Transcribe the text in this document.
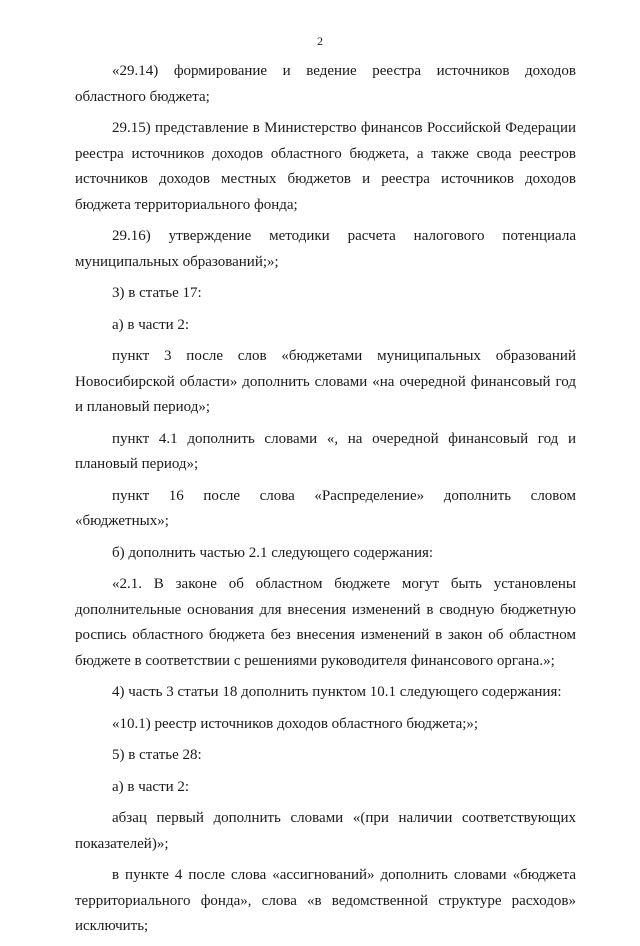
2

«29.14) формирование и ведение реестра источников доходов областного бюджета;

29.15) представление в Министерство финансов Российской Федерации реестра источников доходов областного бюджета, а также свода реестров источников доходов местных бюджетов и реестра источников доходов бюджета территориального фонда;

29.16) утверждение методики расчета налогового потенциала муниципальных образований;»;

3) в статье 17:

а) в части 2:

пункт 3 после слов «бюджетами муниципальных образований Новосибирской области» дополнить словами «на очередной финансовый год и плановый период»;

пункт 4.1 дополнить словами «, на очередной финансовый год и плановый период»;

пункт 16 после слова «Распределение» дополнить словом «бюджетных»;

б) дополнить частью 2.1 следующего содержания:

«2.1. В законе об областном бюджете могут быть установлены дополнительные основания для внесения изменений в сводную бюджетную роспись областного бюджета без внесения изменений в закон об областном бюджете в соответствии с решениями руководителя финансового органа.»;

4) часть 3 статьи 18 дополнить пунктом 10.1 следующего содержания:

«10.1) реестр источников доходов областного бюджета;»;

5) в статье 28:

а) в части 2:

абзац первый дополнить словами «(при наличии соответствующих показателей)»;

в пункте 4 после слова «ассигнований» дополнить словами «бюджета территориального фонда», слова «в ведомственной структуре расходов» исключить;
